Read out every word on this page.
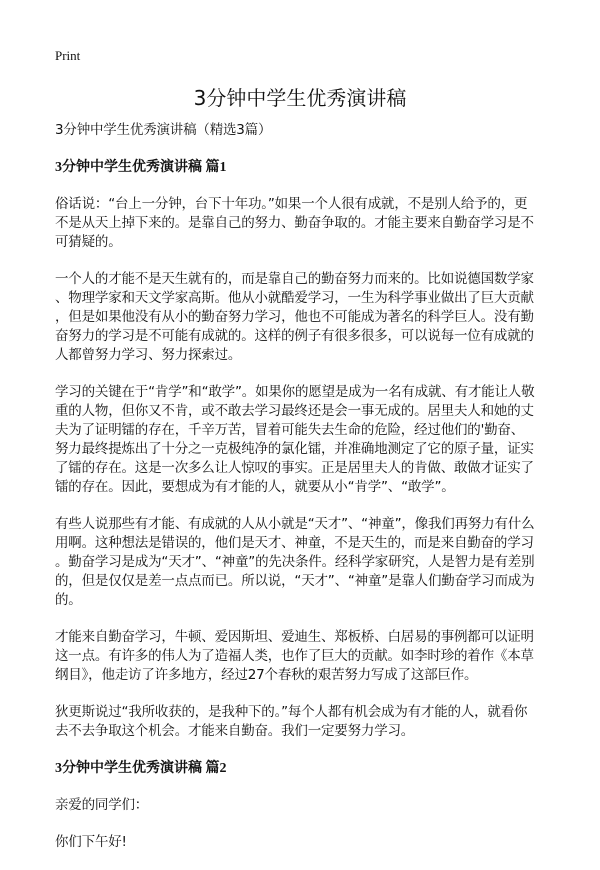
Print
3分钟中学生优秀演讲稿

3分钟中学生优秀演讲稿（精选3篇）

3分钟中学生优秀演讲稿 篇1

俗话说：“台上一分钟，台下十年功。”如果一个人很有成就，不是别人给予的，更
不是从天上掉下来的。是靠自己的努力、勤奋争取的。才能主要来自勤奋学习是不
可猜疑的。

一个人的才能不是天生就有的，而是靠自己的勤奋努力而来的。比如说德国数学家
、物理学家和天文学家高斯。他从小就酷爱学习，一生为科学事业做出了巨大贡献
，但是如果他没有从小的勤奋努力学习，他也不可能成为著名的科学巨人。没有勤
奋努力的学习是不可能有成就的。这样的例子有很多很多，可以说每一位有成就的
人都曾努力学习、努力探索过。

学习的关键在于“肯学”和“敢学”。如果你的愿望是成为一名有成就、有才能让人敬
重的人物，但你又不肯，或不敢去学习最终还是会一事无成的。居里夫人和她的丈
夫为了证明镭的存在，千辛万苦，冒着可能失去生命的危险，经过他们的'勤奋、
努力最终提炼出了十分之一克极纯净的氯化镭，并准确地测定了它的原子量，证实
了镭的存在。这是一次多么让人惊叹的事实。正是居里夫人的肯做、敢做才证实了
镭的存在。因此，要想成为有才能的人，就要从小“肯学”、“敢学”。

有些人说那些有才能、有成就的人从小就是“天才”、“神童”，像我们再努力有什么
用啊。这种想法是错误的，他们是天才、神童，不是天生的，而是来自勤奋的学习
。勤奋学习是成为“天才”、“神童”的先决条件。经科学家研究，人是智力是有差别
的，但是仅仅是差一点点而已。所以说，“天才”、“神童”是靠人们勤奋学习而成为
的。

才能来自勤奋学习，牛顿、爱因斯坦、爱迪生、郑板桥、白居易的事例都可以证明
这一点。有许多的伟人为了造福人类，也作了巨大的贡献。如李时珍的着作《本草
纲目》，他走访了许多地方，经过27个春秋的艰苦努力写成了这部巨作。

狄更斯说过“我所收获的，是我种下的。”每个人都有机会成为有才能的人，就看你
去不去争取这个机会。才能来自勤奋。我们一定要努力学习。

3分钟中学生优秀演讲稿 篇2

亲爱的同学们：

你们下午好!
